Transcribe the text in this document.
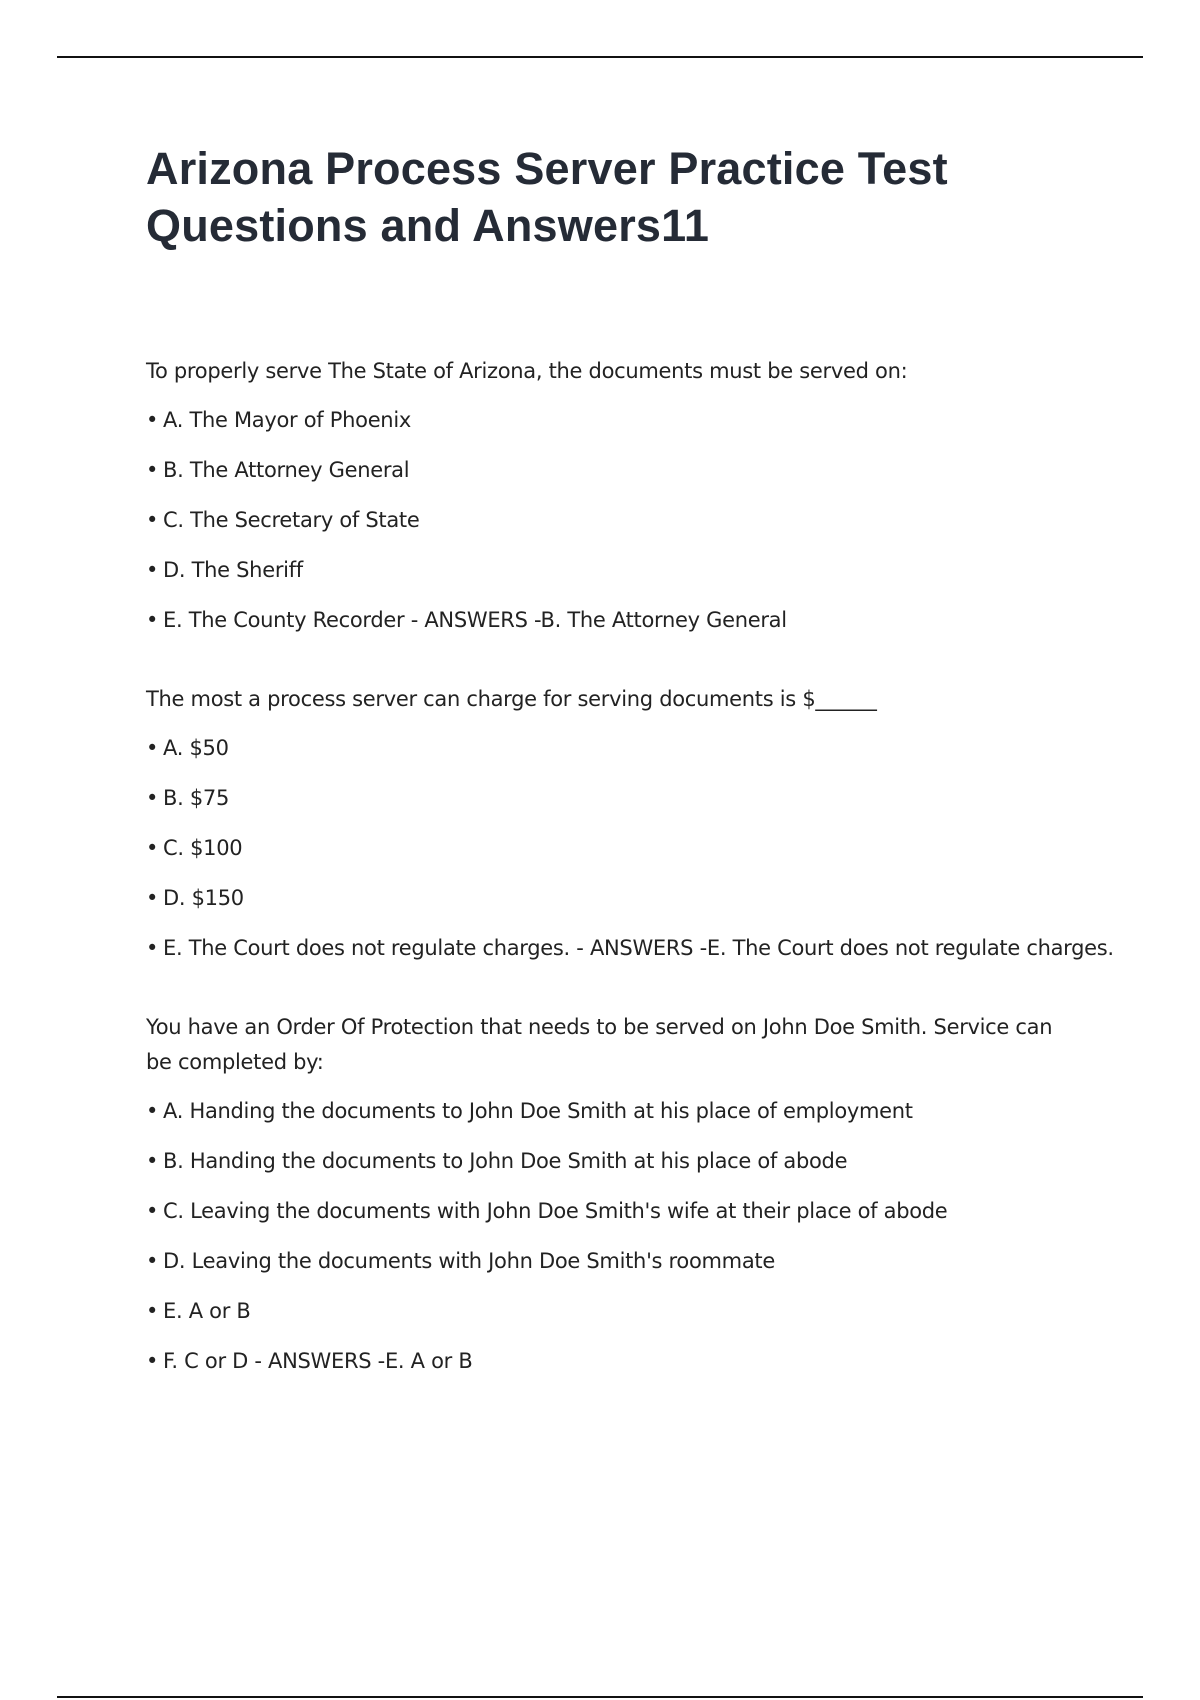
Arizona Process Server Practice Test Questions and Answers11

To properly serve The State of Arizona, the documents must be served on:

• A. The Mayor of Phoenix
• B. The Attorney General
• C. The Secretary of State
• D. The Sheriff
• E. The County Recorder - ANSWERS -B. The Attorney General

The most a process server can charge for serving documents is $______

• A. $50
• B. $75
• C. $100
• D. $150
• E. The Court does not regulate charges. - ANSWERS -E. The Court does not regulate charges.

You have an Order Of Protection that needs to be served on John Doe Smith. Service can be completed by:

• A. Handing the documents to John Doe Smith at his place of employment
• B. Handing the documents to John Doe Smith at his place of abode
• C. Leaving the documents with John Doe Smith's wife at their place of abode
• D. Leaving the documents with John Doe Smith's roommate
• E. A or B
• F. C or D - ANSWERS -E. A or B
